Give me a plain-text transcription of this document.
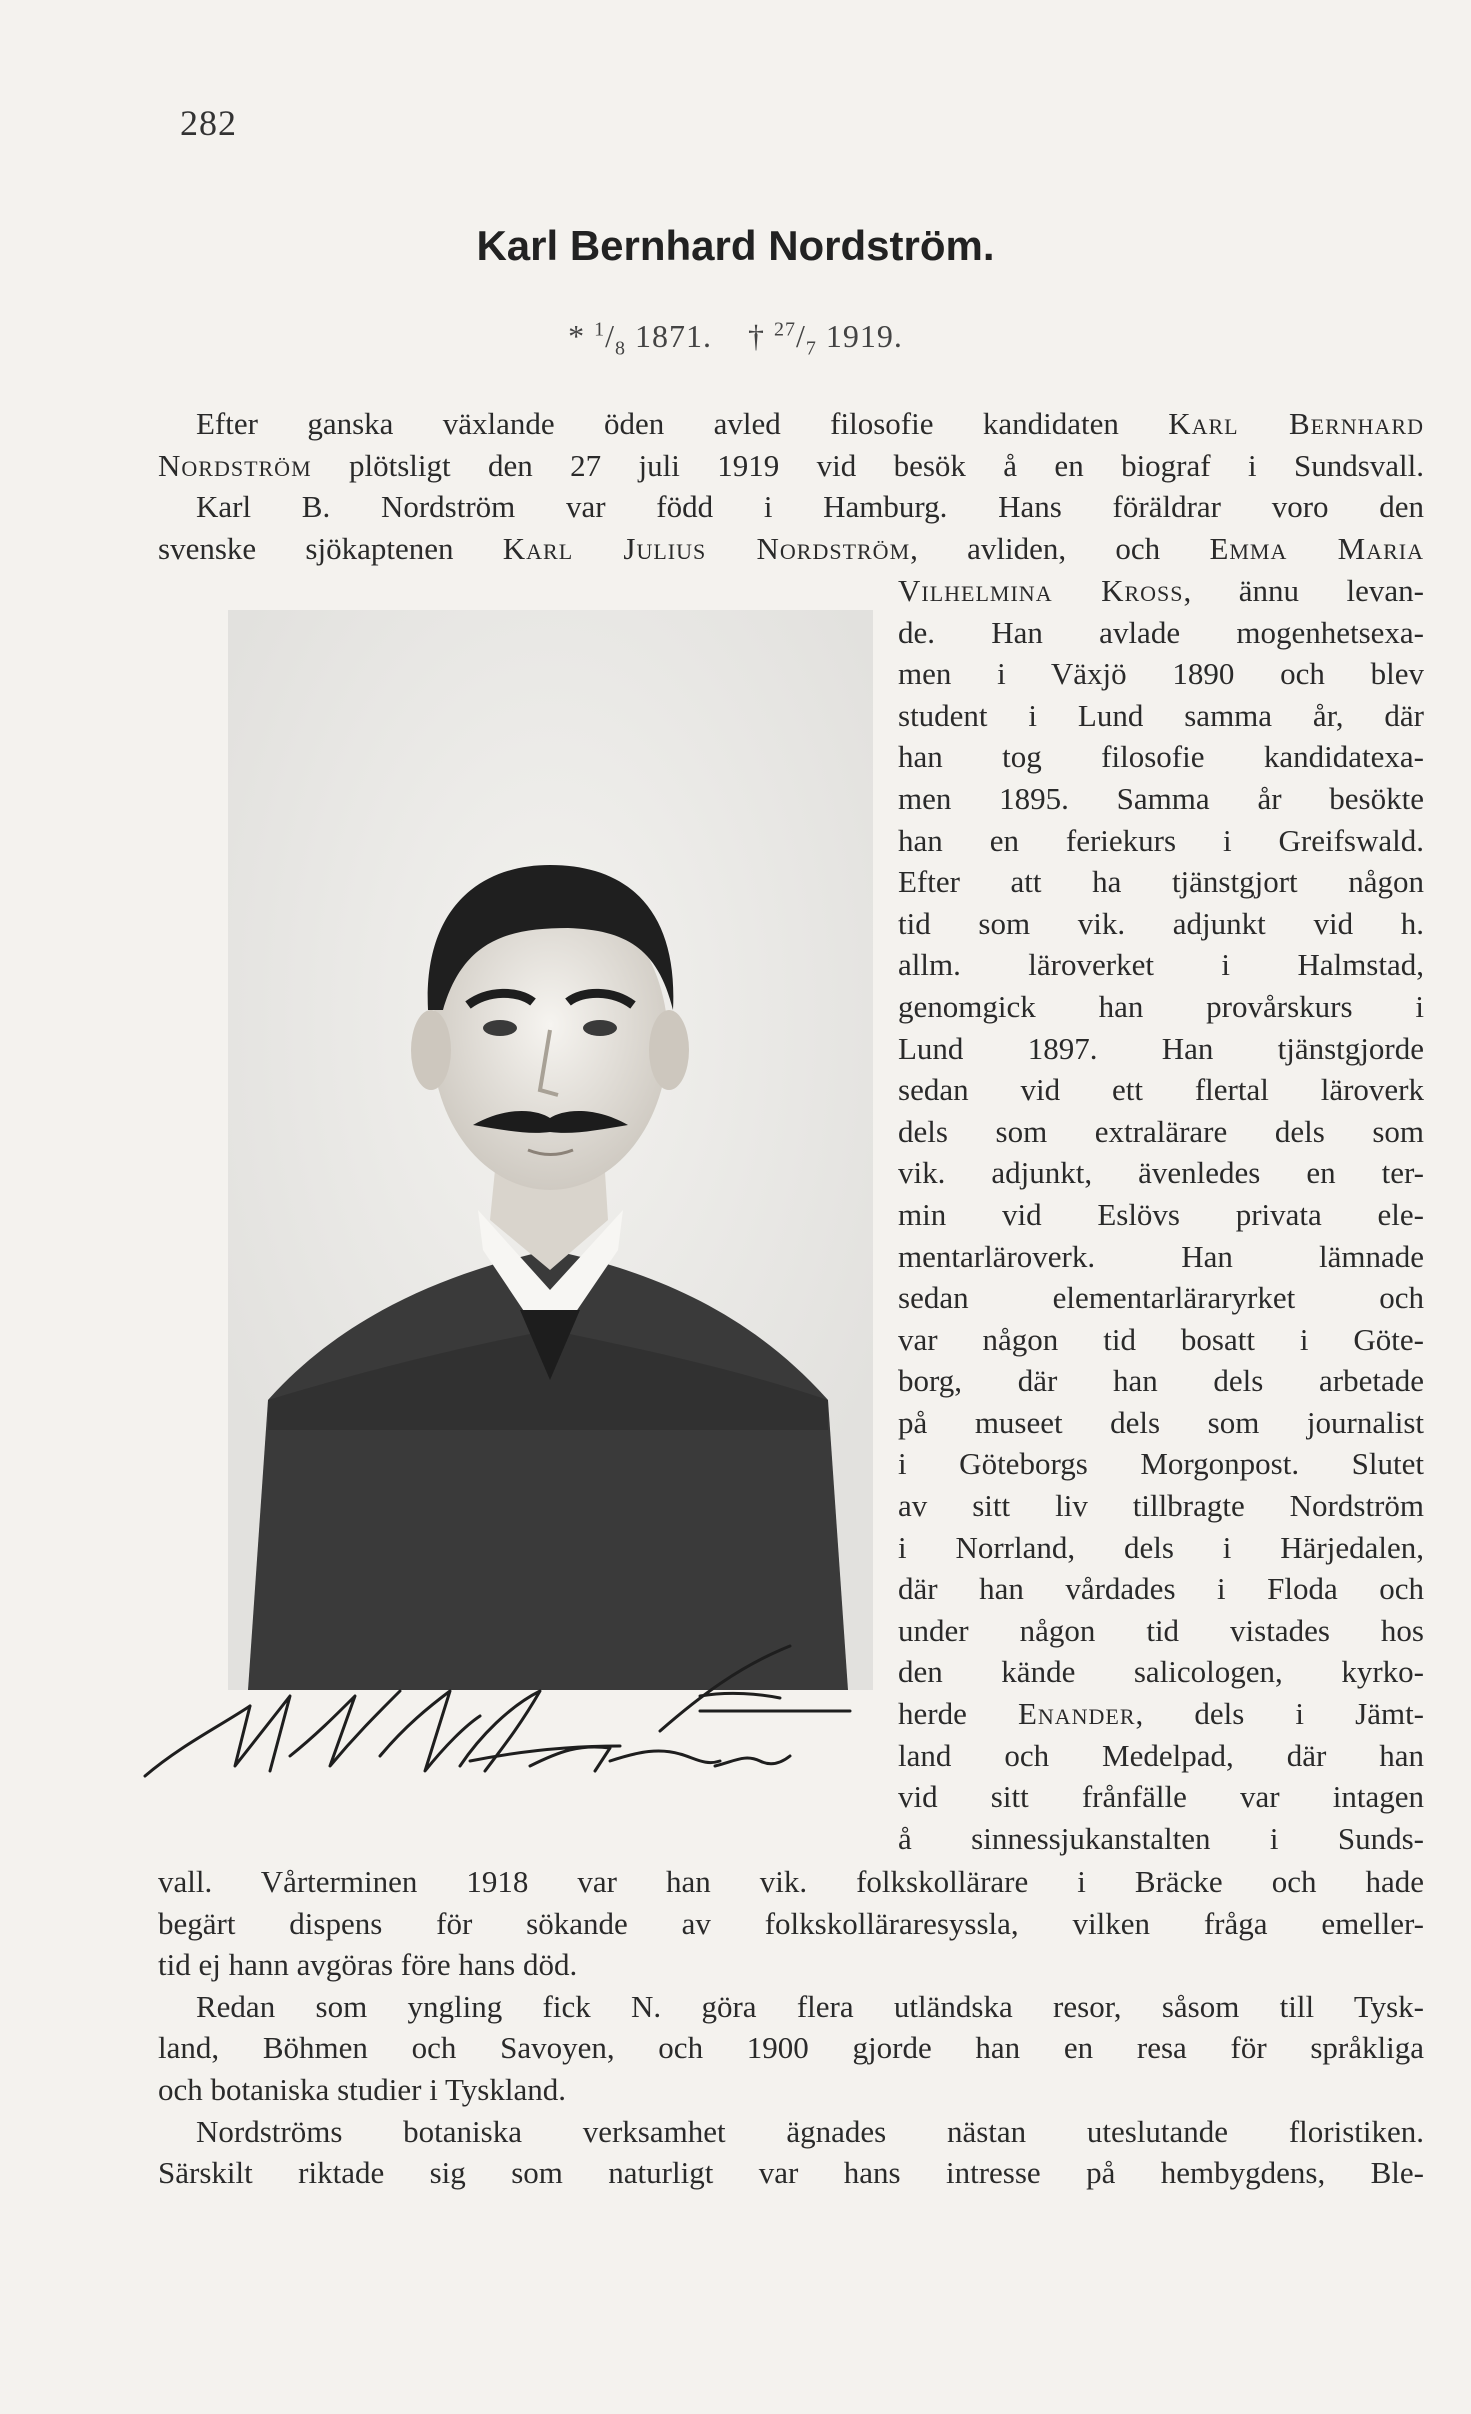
282
Karl Bernhard Nordström.
* $^1/_8$ 1871. † $^{27}/_7$ 1919.
Efter ganska växlande öden avled filosofie kandidaten Karl Bernhard
Nordström plötsligt den 27 juli 1919 vid besök å en biograf i Sundsvall.
Karl B. Nordström var född i Hamburg. Hans föräldrar voro den
svenske sjökaptenen Karl Julius Nordström, avliden, och Emma Maria
Vilhelmina Kross, ännu levan-
de. Han avlade mogenhetsexa-
men i Växjö 1890 och blev
student i Lund samma år, där
han tog filosofie kandidatexa-
men 1895. Samma år besökte
han en feriekurs i Greifswald.
Efter att ha tjänstgjort någon
tid som vik. adjunkt vid h.
allm. läroverket i Halmstad,
genomgick han provårskurs i
Lund 1897. Han tjänstgjorde
sedan vid ett flertal läroverk
dels som extralärare dels som
vik. adjunkt, ävenledes en ter-
min vid Eslövs privata ele-
mentarläroverk. Han lämnade
sedan elementarläraryrket och
var någon tid bosatt i Göte-
borg, där han dels arbetade
på museet dels som journalist
i Göteborgs Morgonpost. Slutet
av sitt liv tillbragte Nordström
i Norrland, dels i Härjedalen,
där han vårdades i Floda och
under någon tid vistades hos
den kände salicologen, kyrko-
herde Enander, dels i Jämt-
land och Medelpad, där han
vid sitt frånfälle var intagen
å sinnessjukanstalten i Sunds-
vall. Vårterminen 1918 var han vik. folkskollärare i Bräcke och hade
begärt dispens för sökande av folkskolläraresyssla, vilken fråga emeller-
tid ej hann avgöras före hans död.
Redan som yngling fick N. göra flera utländska resor, såsom till Tysk-
land, Böhmen och Savoyen, och 1900 gjorde han en resa för språkliga
och botaniska studier i Tyskland.
Nordströms botaniska verksamhet ägnades nästan uteslutande floristiken.
Särskilt riktade sig som naturligt var hans intresse på hembygdens, Ble-
